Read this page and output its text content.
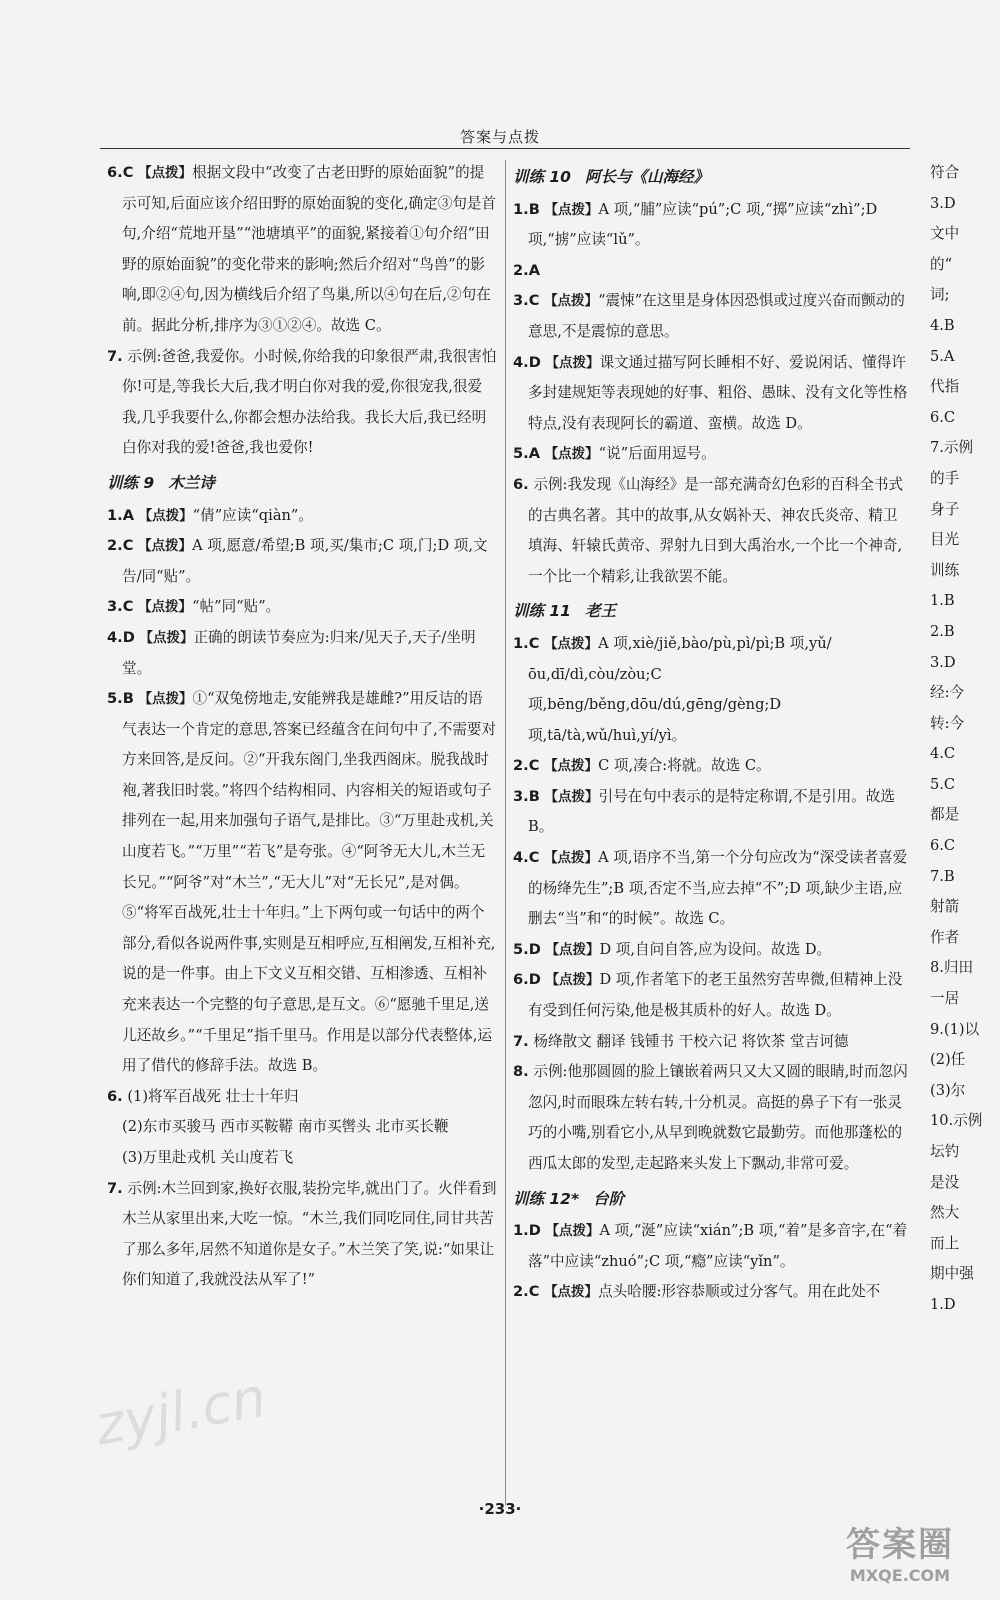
答案与点拨

6.C 【点拨】根据文段中“改变了古老田野的原始面貌”的提示可知,后面应该介绍田野的原始面貌的变化,确定③句是首句,介绍“荒地开垦”“池塘填平”的面貌,紧接着①句介绍“田野的原始面貌”的变化带来的影响;然后介绍对“鸟兽”的影响,即②④句,因为横线后介绍了鸟巢,所以④句在后,②句在前。据此分析,排序为③①②④。故选 C。

7. 示例:爸爸,我爱你。小时候,你给我的印象很严肃,我很害怕你!可是,等我长大后,我才明白你对我的爱,你很宠我,很爱我,几乎我要什么,你都会想办法给我。我长大后,我已经明白你对我的爱!爸爸,我也爱你!

训练 9 木兰诗

1.A 【点拨】“倩”应读“qiàn”。

2.C 【点拨】A 项,愿意/希望;B 项,买/集市;C 项,门;D 项,文告/同“贴”。

3.C 【点拨】“帖”同“贴”。

4.D 【点拨】正确的朗读节奏应为:归来/见天子,天子/坐明堂。

5.B 【点拨】①“双兔傍地走,安能辨我是雄雌?”用反诘的语气表达一个肯定的意思,答案已经蕴含在问句中了,不需要对方来回答,是反问。②“开我东阁门,坐我西阁床。脱我战时袍,著我旧时裳。”将四个结构相同、内容相关的短语或句子排列在一起,用来加强句子语气,是排比。③“万里赴戎机,关山度若飞。”“万里”“若飞”是夸张。④“阿爷无大儿,木兰无长兄。”“阿爷”对“木兰”,“无大儿”对“无长兄”,是对偶。⑤“将军百战死,壮士十年归。”上下两句或一句话中的两个部分,看似各说两件事,实则是互相呼应,互相阐发,互相补充,说的是一件事。由上下文义互相交错、互相渗透、互相补充来表达一个完整的句子意思,是互文。⑥“愿驰千里足,送儿还故乡。”“千里足”指千里马。作用是以部分代表整体,运用了借代的修辞手法。故选 B。

6. (1)将军百战死 壮士十年归

(2)东市买骏马 西市买鞍鞯 南市买辔头 北市买长鞭

(3)万里赴戎机 关山度若飞

7. 示例:木兰回到家,换好衣服,装扮完毕,就出门了。火伴看到木兰从家里出来,大吃一惊。“木兰,我们同吃同住,同甘共苦了那么多年,居然不知道你是女子。”木兰笑了笑,说:“如果让你们知道了,我就没法从军了!”

训练 10 阿长与《山海经》

1.B 【点拨】A 项,“脯”应读“pú”;C 项,“掷”应读“zhì”;D 项,“掳”应读“lǔ”。

2.A

3.C 【点拨】“震悚”在这里是身体因恐惧或过度兴奋而颤动的意思,不是震惊的意思。

4.D 【点拨】课文通过描写阿长睡相不好、爱说闲话、懂得许多封建规矩等表现她的好事、粗俗、愚昧、没有文化等性格特点,没有表现阿长的霸道、蛮横。故选 D。

5.A 【点拨】“说”后面用逗号。

6. 示例:我发现《山海经》是一部充满奇幻色彩的百科全书式的古典名著。其中的故事,从女娲补天、神农氏炎帝、精卫填海、轩辕氏黄帝、羿射九日到大禹治水,一个比一个神奇,一个比一个精彩,让我欲罢不能。

训练 11 老王

1.C 【点拨】A 项,xiè/jiě,bào/pù,pì/pì;B 项,yǔ/ōu,dī/dì,còu/zòu;C 项,bēng/běng,dōu/dú,gēng/gèng;D 项,tā/tà,wǔ/huì,yí/yì。

2.C 【点拨】C 项,凑合:将就。故选 C。

3.B 【点拨】引号在句中表示的是特定称谓,不是引用。故选 B。

4.C 【点拨】A 项,语序不当,第一个分句应改为“深受读者喜爱的杨绛先生”;B 项,否定不当,应去掉“不”;D 项,缺少主语,应删去“当”和“的时候”。故选 C。

5.D 【点拨】D 项,自问自答,应为设问。故选 D。

6.D 【点拨】D 项,作者笔下的老王虽然穷苦卑微,但精神上没有受到任何污染,他是极其质朴的好人。故选 D。

7. 杨绛散文 翻译 钱锺书 干校六记 将饮茶 堂吉诃德

8. 示例:他那圆圆的脸上镶嵌着两只又大又圆的眼睛,时而忽闪忽闪,时而眼珠左转右转,十分机灵。高挺的鼻子下有一张灵巧的小嘴,别看它小,从早到晚就数它最勤劳。而他那蓬松的西瓜太郎的发型,走起路来头发上下飘动,非常可爱。

训练 12* 台阶

1.D 【点拨】A 项,“涎”应读“xián”;B 项,“着”是多音字,在“着落”中应读“zhuó”;C 项,“瘾”应读“yǐn”。

2.C 【点拨】点头哈腰:形容恭顺或过分客气。用在此处不

符合
3.D
文中
的“
词;
4.B
5.A
代指
6.C
7.示例
的手
身子
目光
训练
1.B
2.B
3.D
经:今
转:今
4.C
5.C
都是
6.C
7.B
射箭
作者
8.归田
一居
9.(1)以
(2)任
(3)尔
10.示例
坛钓
是没
然大
而上
期中强
1.D
·233·
zyjl.cn
答案圈
MXQE.COM
